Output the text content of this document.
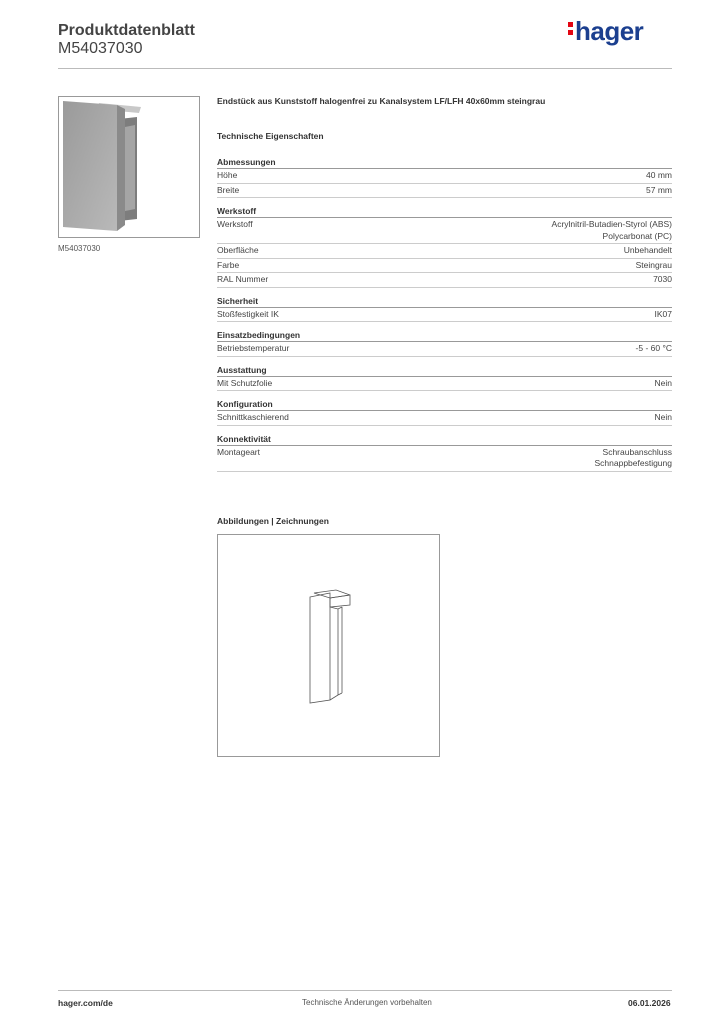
Produktdatenblatt
M54037030
hager
M54037030
Endstück aus Kunststoff halogenfrei zu Kanalsystem LF/LFH 40x60mm steingrau
Technische Eigenschaften
Abmessungen
Höhe	40 mm
Breite	57 mm
Werkstoff
Werkstoff	Acrylnitril-Butadien-Styrol (ABS)
Polycarbonat (PC)
Oberfläche	Unbehandelt
Farbe	Steingrau
RAL Nummer	7030
Sicherheit
Stoßfestigkeit IK	IK07
Einsatzbedingungen
Betriebstemperatur	-5 - 60 °C
Ausstattung
Mit Schutzfolie	Nein
Konfiguration
Schnittkaschierend	Nein
Konnektivität
Montageart	Schraubanschluss
Schnappbefestigung
Abbildungen | Zeichnungen
hager.com/de	Technische Änderungen vorbehalten	06.01.2026
